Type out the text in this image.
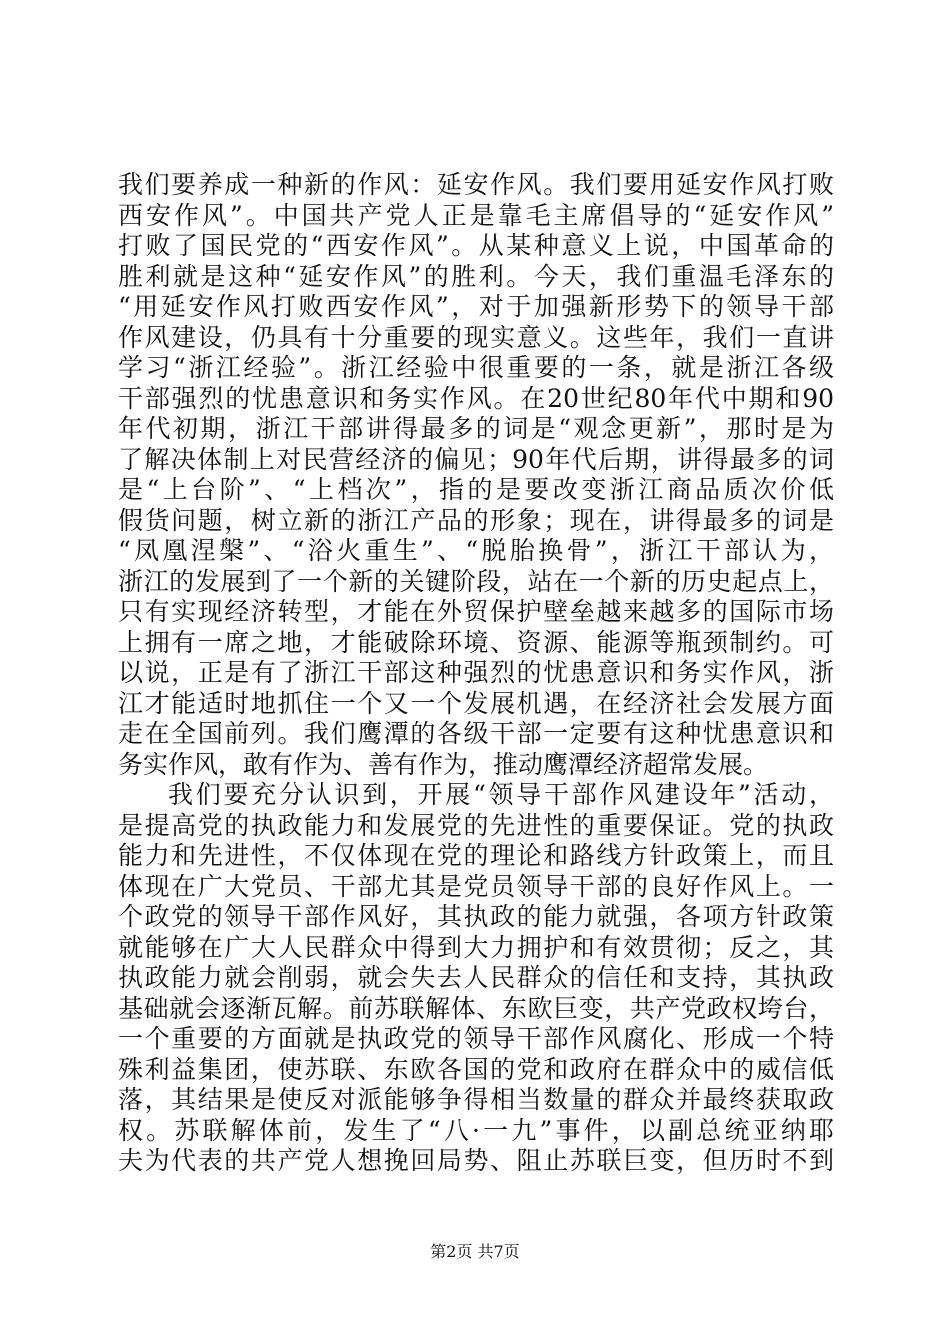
我们要养成一种新的作风：延安作风。我们要用延安作风打败
西安作风”。中国共产党人正是靠毛主席倡导的“延安作风”
打败了国民党的“西安作风”。从某种意义上说，中国革命的
胜利就是这种“延安作风”的胜利。今天，我们重温毛泽东的
“用延安作风打败西安作风”，对于加强新形势下的领导干部
作风建设，仍具有十分重要的现实意义。这些年，我们一直讲
学习“浙江经验”。浙江经验中很重要的一条，就是浙江各级
干部强烈的忧患意识和务实作风。在20世纪80年代中期和90
年代初期，浙江干部讲得最多的词是“观念更新”，那时是为
了解决体制上对民营经济的偏见；90年代后期，讲得最多的词
是“上台阶”、“上档次”，指的是要改变浙江商品质次价低
假货问题，树立新的浙江产品的形象；现在，讲得最多的词是
“凤凰涅槃”、“浴火重生”、“脱胎换骨”，浙江干部认为，
浙江的发展到了一个新的关键阶段，站在一个新的历史起点上，
只有实现经济转型，才能在外贸保护壁垒越来越多的国际市场
上拥有一席之地，才能破除环境、资源、能源等瓶颈制约。可
以说，正是有了浙江干部这种强烈的忧患意识和务实作风，浙
江才能适时地抓住一个又一个发展机遇，在经济社会发展方面
走在全国前列。我们鹰潭的各级干部一定要有这种忧患意识和
务实作风，敢有作为、善有作为，推动鹰潭经济超常发展。
我们要充分认识到，开展“领导干部作风建设年”活动，
是提高党的执政能力和发展党的先进性的重要保证。党的执政
能力和先进性，不仅体现在党的理论和路线方针政策上，而且
体现在广大党员、干部尤其是党员领导干部的良好作风上。一
个政党的领导干部作风好，其执政的能力就强，各项方针政策
就能够在广大人民群众中得到大力拥护和有效贯彻；反之，其
执政能力就会削弱，就会失去人民群众的信任和支持，其执政
基础就会逐渐瓦解。前苏联解体、东欧巨变，共产党政权垮台，
一个重要的方面就是执政党的领导干部作风腐化、形成一个特
殊利益集团，使苏联、东欧各国的党和政府在群众中的威信低
落，其结果是使反对派能够争得相当数量的群众并最终获取政
权。苏联解体前，发生了“八·一九”事件，以副总统亚纳耶
夫为代表的共产党人想挽回局势、阻止苏联巨变，但历时不到
第2页 共7页
